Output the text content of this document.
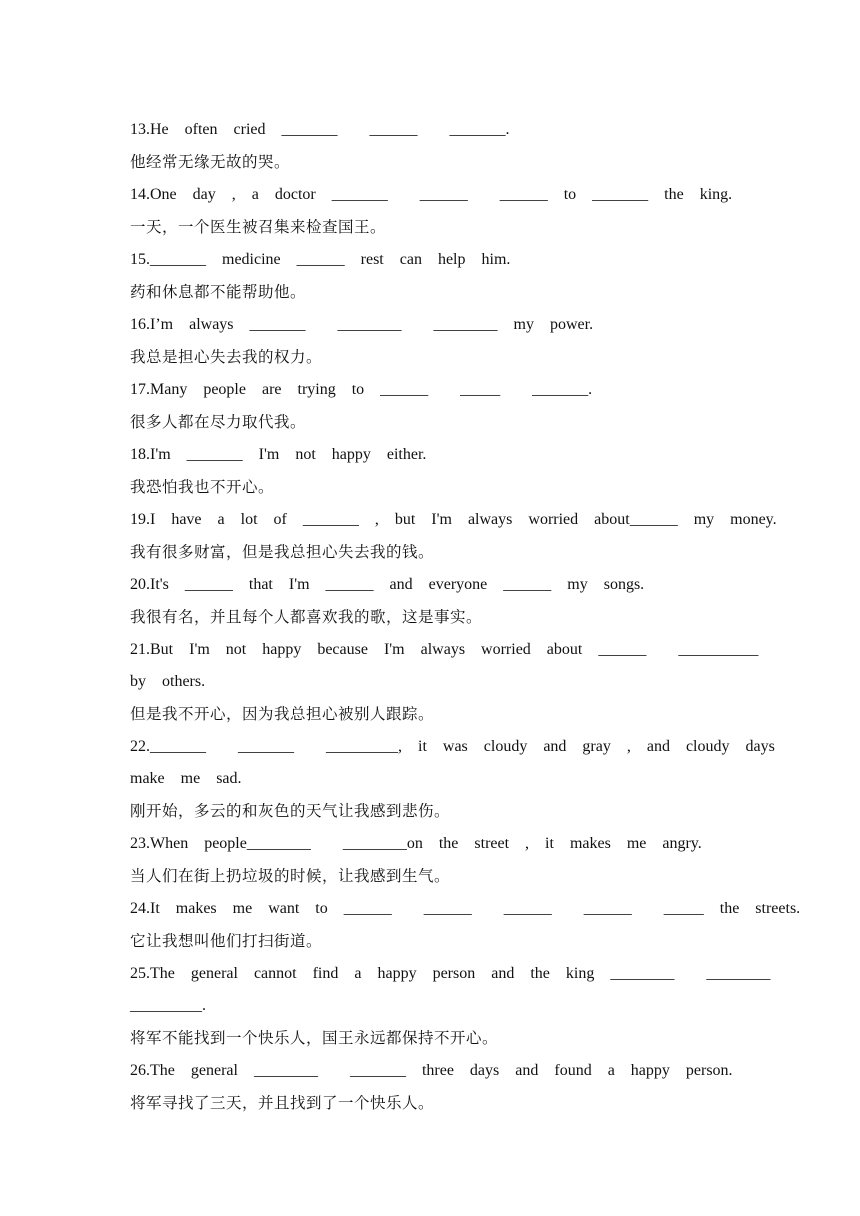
13.He  often  cried  _______    ______    _______.
他经常无缘无故的哭。
14.One  day  ,  a  doctor  _______    ______    ______  to  _______  the  king.
一天，一个医生被召集来检查国王。
15._______  medicine  ______  rest  can  help  him.
药和休息都不能帮助他。
16.I’m  always  _______    ________    ________  my  power.
我总是担心失去我的权力。
17.Many  people  are  trying  to  ______    _____    _______.
很多人都在尽力取代我。
18.I'm  _______  I'm  not  happy  either.
我恐怕我也不开心。
19.I  have  a  lot  of  _______  ,  but  I'm  always  worried  about______  my  money.
我有很多财富，但是我总担心失去我的钱。
20.It's  ______  that  I'm  ______  and  everyone  ______  my  songs.
我很有名，并且每个人都喜欢我的歌，这是事实。
21.But  I'm  not  happy  because  I'm  always  worried  about  ______    __________
by  others.
但是我不开心，因为我总担心被别人跟踪。
22._______    _______    _________,  it  was  cloudy  and  gray  ,  and  cloudy  days
make  me  sad.
刚开始，多云的和灰色的天气让我感到悲伤。
23.When  people________    ________on  the  street  ,  it  makes  me  angry.
当人们在街上扔垃圾的时候，让我感到生气。
24.It  makes  me  want  to  ______    ______    ______    ______    _____  the  streets.
它让我想叫他们打扫街道。
25.The  general  cannot  find  a  happy  person  and  the  king  ________    ________
_________.
将军不能找到一个快乐人，国王永远都保持不开心。
26.The  general  ________    _______  three  days  and  found  a  happy  person.
将军寻找了三天，并且找到了一个快乐人。
